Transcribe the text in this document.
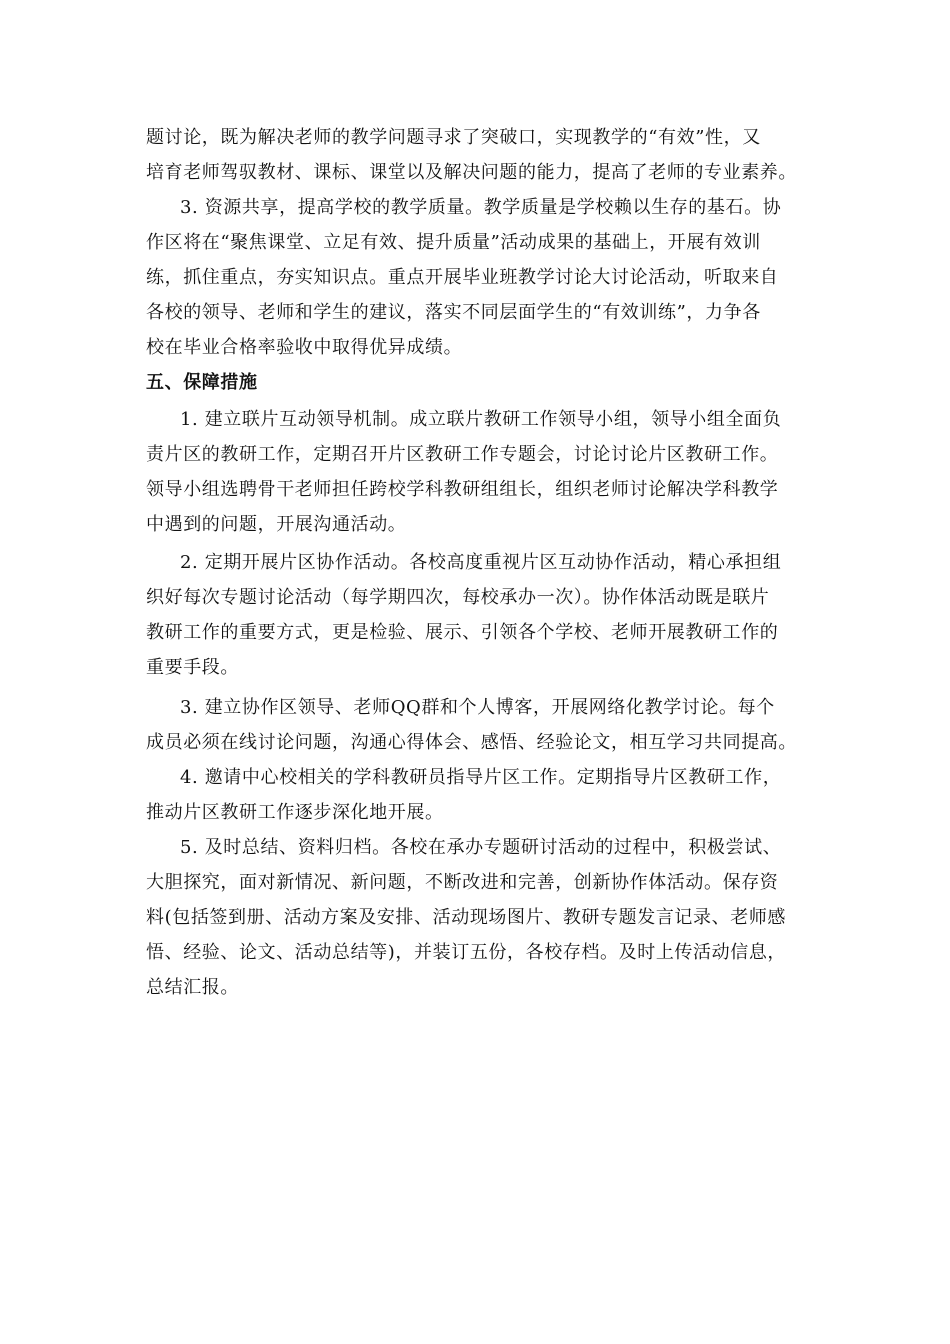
题讨论，既为解决老师的教学问题寻求了突破口，实现教学的“有效”性，又
培育老师驾驭教材、课标、课堂以及解决问题的能力，提高了老师的专业素养。
3. 资源共享，提高学校的教学质量。教学质量是学校赖以生存的基石。协
作区将在“聚焦课堂、立足有效、提升质量”活动成果的基础上，开展有效训
练，抓住重点，夯实知识点。重点开展毕业班教学讨论大讨论活动，听取来自
各校的领导、老师和学生的建议，落实不同层面学生的“有效训练”，力争各
校在毕业合格率验收中取得优异成绩。
五、保障措施
1. 建立联片互动领导机制。成立联片教研工作领导小组，领导小组全面负
责片区的教研工作，定期召开片区教研工作专题会，讨论讨论片区教研工作。
领导小组选聘骨干老师担任跨校学科教研组组长，组织老师讨论解决学科教学
中遇到的问题，开展沟通活动。
2. 定期开展片区协作活动。各校高度重视片区互动协作活动，精心承担组
织好每次专题讨论活动（每学期四次，每校承办一次）。协作体活动既是联片
教研工作的重要方式，更是检验、展示、引领各个学校、老师开展教研工作的
重要手段。
3. 建立协作区领导、老师QQ群和个人博客，开展网络化教学讨论。每个
成员必须在线讨论问题，沟通心得体会、感悟、经验论文，相互学习共同提高。
4. 邀请中心校相关的学科教研员指导片区工作。定期指导片区教研工作，
推动片区教研工作逐步深化地开展。
5. 及时总结、资料归档。各校在承办专题研讨活动的过程中，积极尝试、
大胆探究，面对新情况、新问题，不断改进和完善，创新协作体活动。保存资
料(包括签到册、活动方案及安排、活动现场图片、教研专题发言记录、老师感
悟、经验、论文、活动总结等)，并装订五份，各校存档。及时上传活动信息，
总结汇报。
